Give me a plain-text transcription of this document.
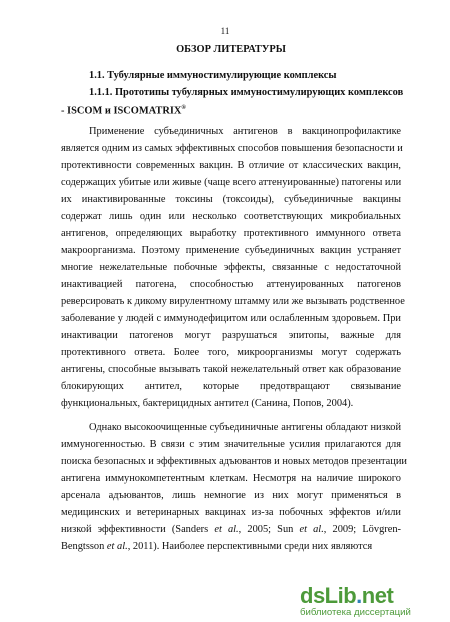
11
ОБЗОР ЛИТЕРАТУРЫ
1.1. Тубулярные иммуностимулирующие комплексы
1.1.1. Прототипы тубулярных иммуностимулирующих комплексов
- ISCOM и ISCOMATRIX®
Применение субъединичных антигенов в вакцинопрофилактике
является одним из самых эффективных способов повышения безопасности и
протективности современных вакцин. В отличие от классических вакцин,
содержащих убитые или живые (чаще всего аттенуированные) патогены или
их инактивированные токсины (токсоиды), субъединичные вакцины
содержат лишь один или несколько соответствующих микробиальных
антигенов, определяющих выработку протективного иммунного ответа
макроорганизма. Поэтому применение субъединичных вакцин устраняет
многие нежелательные побочные эффекты, связанные с недостаточной
инактивацией патогена, способностью аттенуированных патогенов
реверсировать к дикому вирулентному штамму или же вызывать родственное
заболевание у людей с иммунодефицитом или ослабленным здоровьем. При
инактивации патогенов могут разрушаться эпитопы, важные для
протективного ответа. Более того, микроорганизмы могут содержать
антигены, способные вызывать такой нежелательный ответ как образование
блокирующих антител, которые предотвращают связывание
функциональных, бактерицидных антител (Санина, Попов, 2004).
Однако высокоочищенные субъединичные антигены обладают низкой
иммуногенностью. В связи с этим значительные усилия прилагаются для
поиска безопасных и эффективных адъювантов и новых методов презентации
антигена иммунокомпетентным клеткам. Несмотря на наличие широкого
арсенала адъювантов, лишь немногие из них могут применяться в
медицинских и ветеринарных вакцинах из-за побочных эффектов и/или
низкой эффективности (Sanders et al., 2005; Sun et al., 2009; Lövgren-
Bengtsson et al., 2011). Наиболее перспективными среди них являются
dsLib.net
библиотека диссертаций
